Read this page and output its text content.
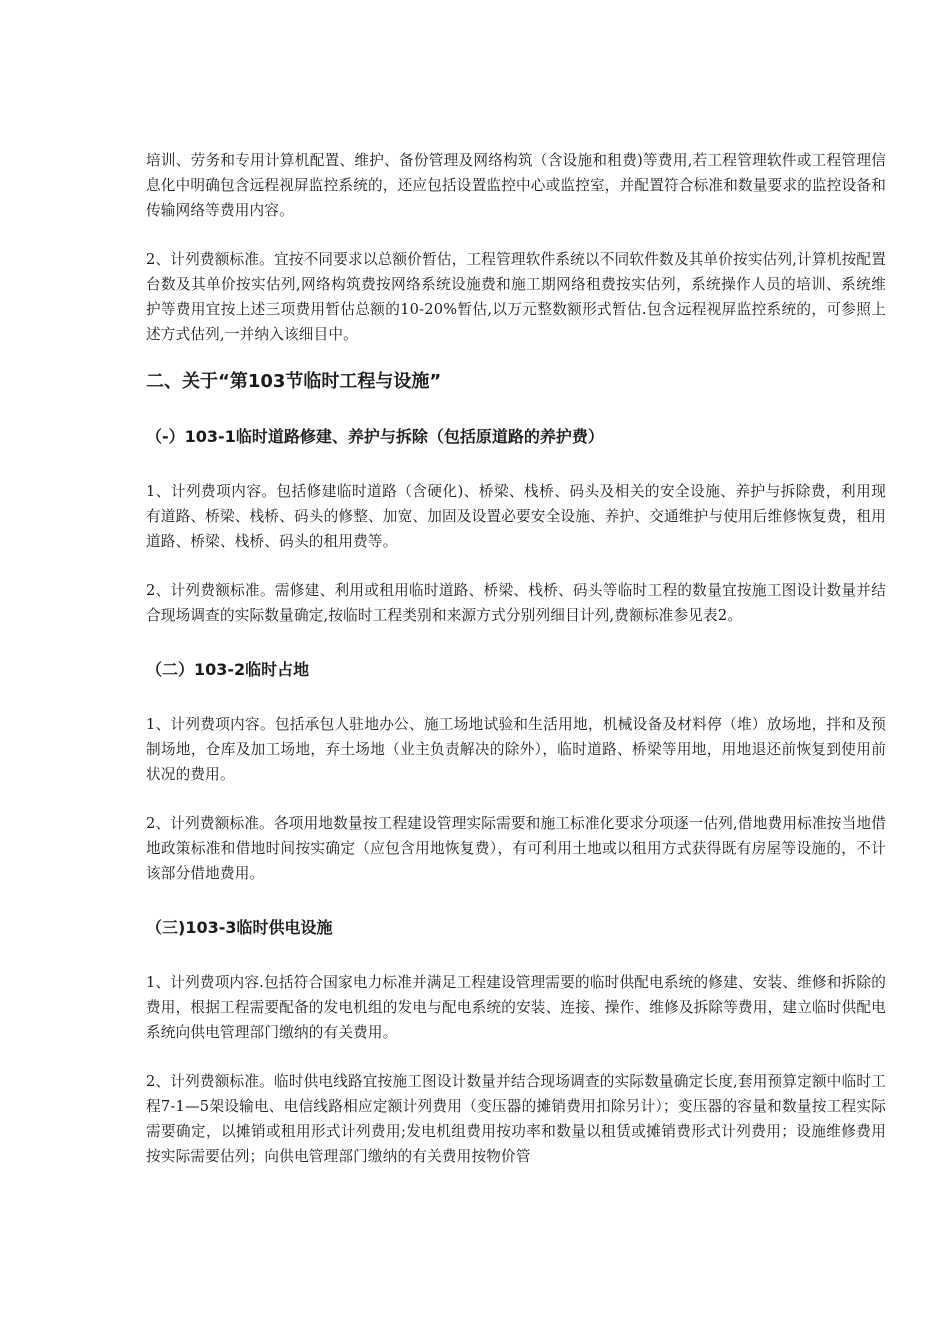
培训、劳务和专用计算机配置、维护、备份管理及网络构筑（含设施和租费)等费用,若工程管理软件或工程管理信息化中明确包含远程视屏监控系统的，还应包括设置监控中心或监控室，并配置符合标准和数量要求的监控设备和传输网络等费用内容。

2、计列费额标准。宜按不同要求以总额价暂估，工程管理软件系统以不同软件数及其单价按实估列,计算机按配置台数及其单价按实估列,网络构筑费按网络系统设施费和施工期网络租费按实估列，系统操作人员的培训、系统维护等费用宜按上述三项费用暂估总额的10-20%暂估,以万元整数额形式暂估.包含远程视屏监控系统的，可参照上述方式估列,一并纳入该细目中。

二、关于“第103节临时工程与设施”
（-）103-1临时道路修建、养护与拆除（包括原道路的养护费）

1、计列费项内容。包括修建临时道路（含硬化)、桥梁、栈桥、码头及相关的安全设施、养护与拆除费，利用现有道路、桥梁、栈桥、码头的修整、加宽、加固及设置必要安全设施、养护、交通维护与使用后维修恢复费，租用道路、桥梁、栈桥、码头的租用费等。

2、计列费额标准。需修建、利用或租用临时道路、桥梁、栈桥、码头等临时工程的数量宜按施工图设计数量并结合现场调查的实际数量确定,按临时工程类别和来源方式分别列细目计列,费额标准参见表2。

（二）103-2临时占地

1、计列费项内容。包括承包人驻地办公、施工场地试验和生活用地，机械设备及材料停（堆）放场地，拌和及预制场地，仓库及加工场地，弃土场地（业主负责解决的除外），临时道路、桥梁等用地，用地退还前恢复到使用前状况的费用。

2、计列费额标准。各项用地数量按工程建设管理实际需要和施工标准化要求分项逐一估列,借地费用标准按当地借地政策标准和借地时间按实确定（应包含用地恢复费），有可利用土地或以租用方式获得既有房屋等设施的，不计该部分借地费用。

（三)103-3临时供电设施

1、计列费项内容.包括符合国家电力标准并满足工程建设管理需要的临时供配电系统的修建、安装、维修和拆除的费用，根据工程需要配备的发电机组的发电与配电系统的安装、连接、操作、维修及拆除等费用，建立临时供配电系统向供电管理部门缴纳的有关费用。

2、计列费额标准。临时供电线路宜按施工图设计数量并结合现场调查的实际数量确定长度,套用预算定额中临时工程7-1—5架设输电、电信线路相应定额计列费用（变压器的摊销费用扣除另计）；变压器的容量和数量按工程实际需要确定，以摊销或租用形式计列费用;发电机组费用按功率和数量以租赁或摊销费形式计列费用；设施维修费用按实际需要估列；向供电管理部门缴纳的有关费用按物价管
